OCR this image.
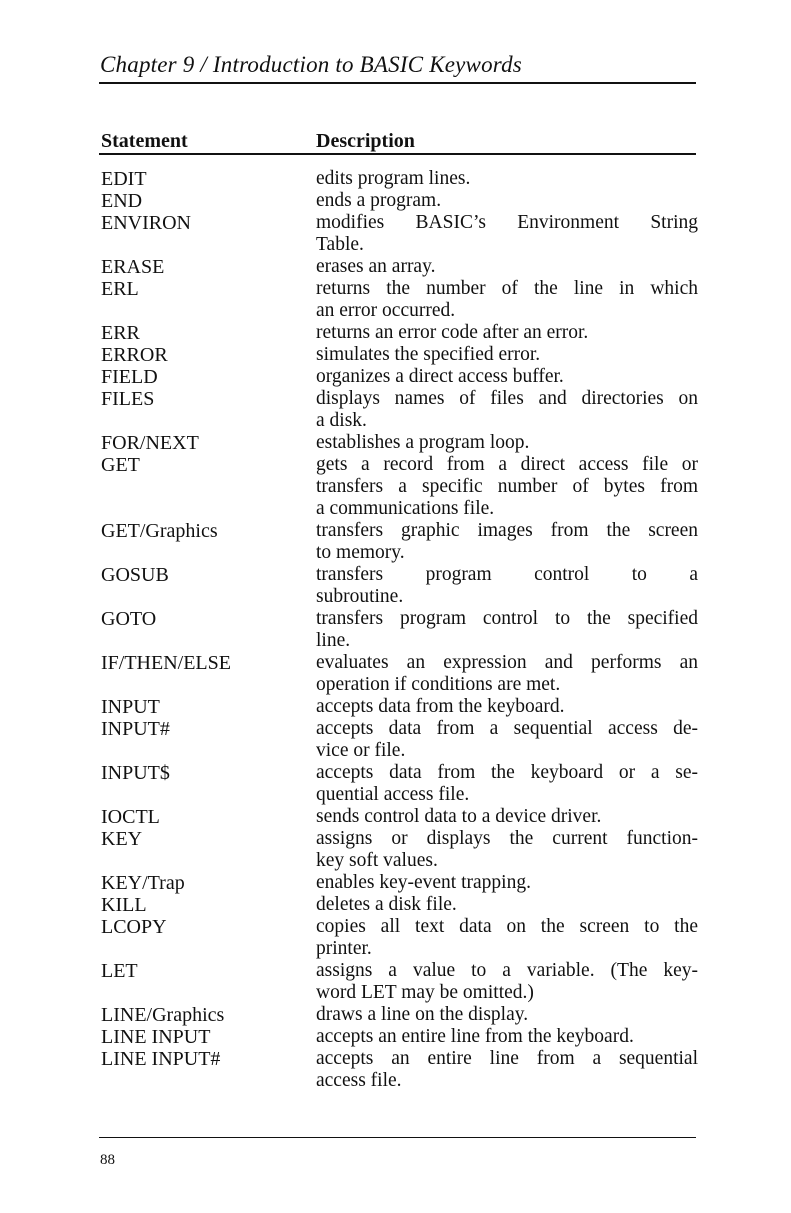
Chapter 9 / Introduction to BASIC Keywords
Statement	Description
EDIT	edits program lines.
END	ends a program.
ENVIRON	modifies BASIC’s Environment String
Table.
ERASE	erases an array.
ERL	returns the number of the line in which
an error occurred.
ERR	returns an error code after an error.
ERROR	simulates the specified error.
FIELD	organizes a direct access buffer.
FILES	displays names of files and directories on
a disk.
FOR/NEXT	establishes a program loop.
GET	gets a record from a direct access file or
transfers a specific number of bytes from
a communications file.
GET/Graphics	transfers graphic images from the screen
to memory.
GOSUB	transfers program control to a
subroutine.
GOTO	transfers program control to the specified
line.
IF/THEN/ELSE	evaluates an expression and performs an
operation if conditions are met.
INPUT	accepts data from the keyboard.
INPUT#	accepts data from a sequential access de-
vice or file.
INPUT$	accepts data from the keyboard or a se-
quential access file.
IOCTL	sends control data to a device driver.
KEY	assigns or displays the current function-
key soft values.
KEY/Trap	enables key-event trapping.
KILL	deletes a disk file.
LCOPY	copies all text data on the screen to the
printer.
LET	assigns a value to a variable. (The key-
word LET may be omitted.)
LINE/Graphics	draws a line on the display.
LINE INPUT	accepts an entire line from the keyboard.
LINE INPUT#	accepts an entire line from a sequential
access file.
88
